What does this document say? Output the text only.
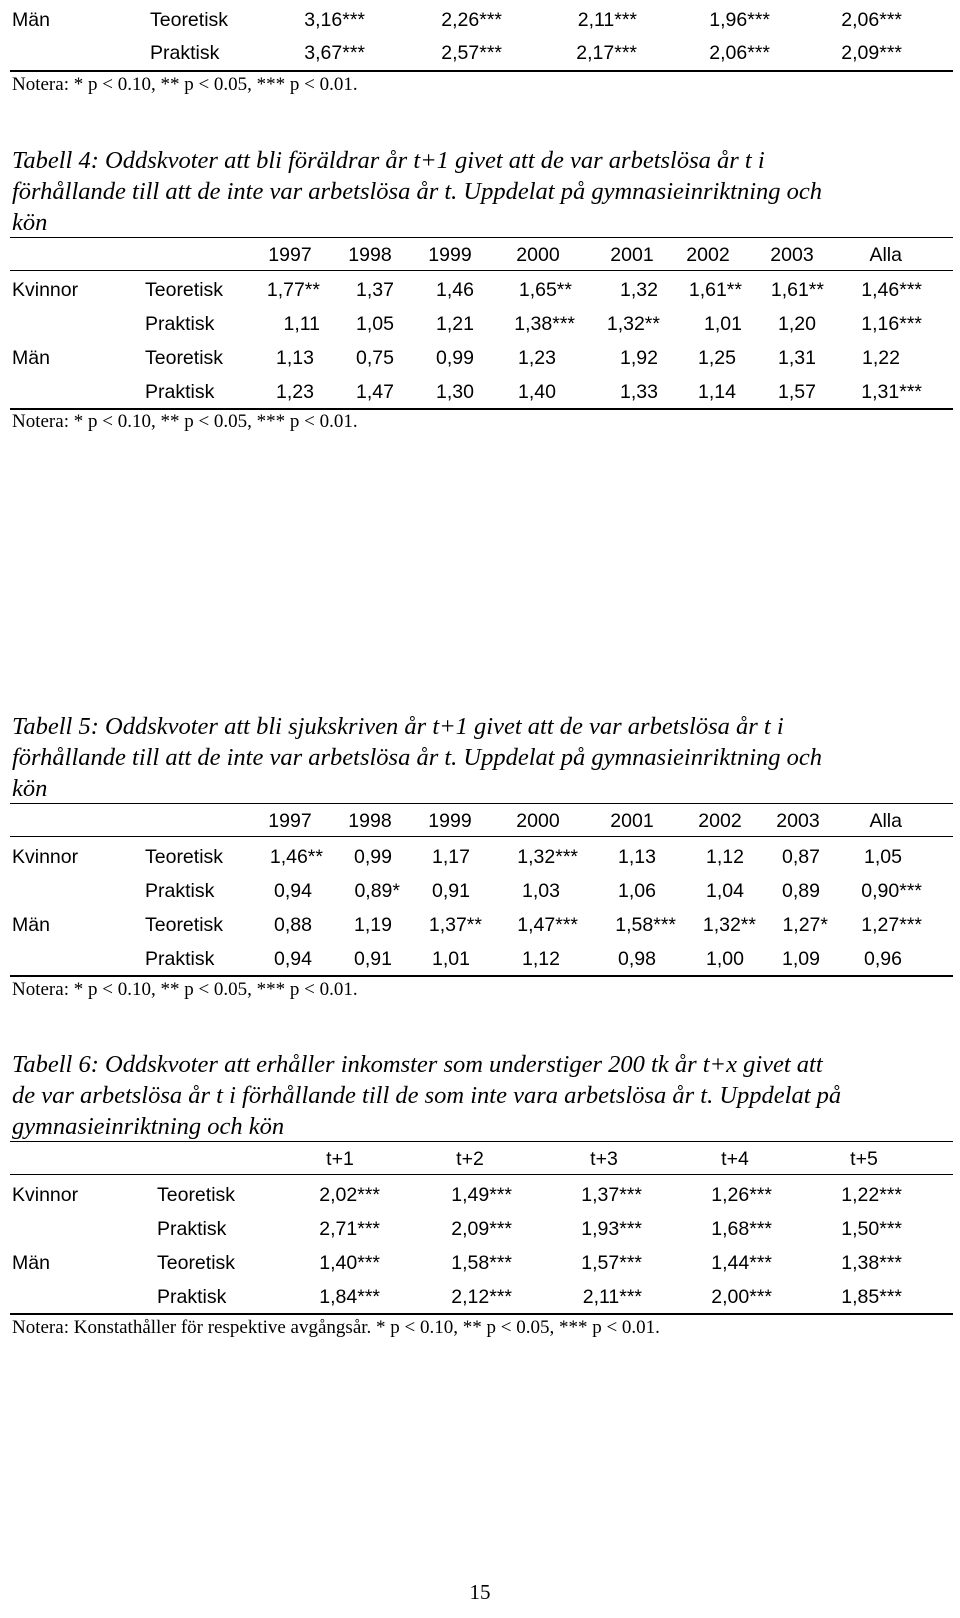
Män	Teoretisk	3,16***	2,26***	2,11***	1,96***	2,06***
Praktisk	3,67***	2,57***	2,17***	2,06***	2,09***
Notera: * p < 0.10, ** p < 0.05, *** p < 0.01.
Tabell 4: Oddskvoter att bli föräldrar år t+1 givet att de var arbetslösa år t i
förhållande till att de inte var arbetslösa år t. Uppdelat på gymnasieinriktning och
kön
1997	1998	1999	2000	2001	2002	2003	Alla
Kvinnor	Teoretisk	1,77**	1,37	1,46	1,65**	1,32	1,61**	1,61**	1,46***
Praktisk	1,11	1,05	1,21	1,38***	1,32**	1,01	1,20	1,16***
Män	Teoretisk	1,13	0,75	0,99	1,23	1,92	1,25	1,31	1,22
Praktisk	1,23	1,47	1,30	1,40	1,33	1,14	1,57	1,31***
Notera: * p < 0.10, ** p < 0.05, *** p < 0.01.
Tabell 5: Oddskvoter att bli sjukskriven år t+1 givet att de var arbetslösa år t i
förhållande till att de inte var arbetslösa år t. Uppdelat på gymnasieinriktning och
kön
1997	1998	1999	2000	2001	2002	2003	Alla
Kvinnor	Teoretisk	1,46**	0,99	1,17	1,32***	1,13	1,12	0,87	1,05
Praktisk	0,94	0,89*	0,91	1,03	1,06	1,04	0,89	0,90***
Män	Teoretisk	0,88	1,19	1,37**	1,47***	1,58***	1,32**	1,27*	1,27***
Praktisk	0,94	0,91	1,01	1,12	0,98	1,00	1,09	0,96
Notera: * p < 0.10, ** p < 0.05, *** p < 0.01.
Tabell 6: Oddskvoter att erhåller inkomster som understiger 200 tk år t+x givet att
de var arbetslösa år t i förhållande till de som inte vara arbetslösa år t. Uppdelat på
gymnasieinriktning och kön
t+1	t+2	t+3	t+4	t+5
Kvinnor	Teoretisk	2,02***	1,49***	1,37***	1,26***	1,22***
Praktisk	2,71***	2,09***	1,93***	1,68***	1,50***
Män	Teoretisk	1,40***	1,58***	1,57***	1,44***	1,38***
Praktisk	1,84***	2,12***	2,11***	2,00***	1,85***
Notera: Konstathåller för respektive avgångsår. * p < 0.10, ** p < 0.05, *** p < 0.01.
15
